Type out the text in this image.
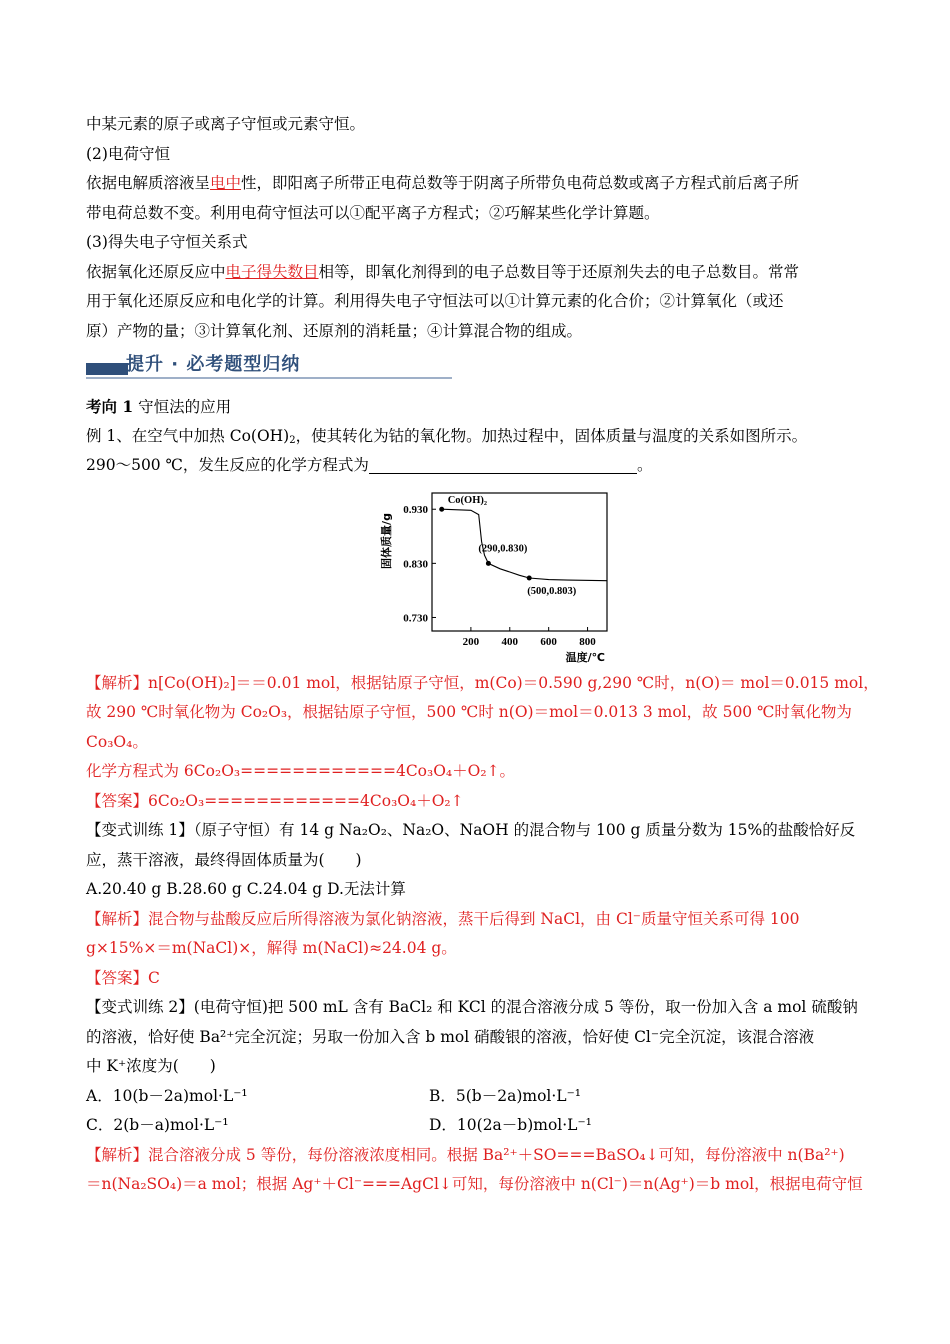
中某元素的原子或离子守恒或元素守恒。
(2)电荷守恒
依据电解质溶液呈电中性，即阳离子所带正电荷总数等于阴离子所带负电荷总数或离子方程式前后离子所
带电荷总数不变。利用电荷守恒法可以①配平离子方程式；②巧解某些化学计算题。
(3)得失电子守恒关系式
依据氧化还原反应中电子得失数目相等，即氧化剂得到的电子总数目等于还原剂失去的电子总数目。常常
用于氧化还原反应和电化学的计算。利用得失电子守恒法可以①计算元素的化合价；②计算氧化（或还
原）产物的量；③计算氧化剂、还原剂的消耗量；④计算混合物的组成。
提升 · 必考题型归纳
考向 1 守恒法的应用
例 1、在空气中加热 $Co(OH)_2$，使其转化为钴的氧化物。加热过程中，固体质量与温度的关系如图所示。
290～500 ℃，发生反应的化学方程式为	。
0.930
0.830
0.730
200 400 600 800
固体质量/g
温度/℃
Co(OH)₂
(290,0.830)
(500,0.803)
【解析】n[Co(OH)₂]＝＝0.01 mol，根据钴原子守恒，m(Co)＝0.590 g,290 ℃时，n(O)＝ mol＝0.015 mol，
故 290 ℃时氧化物为 Co₂O₃，根据钴原子守恒，500 ℃时 n(O)＝mol＝0.013 3 mol，故 500 ℃时氧化物为
Co₃O₄。
化学方程式为 6Co₂O₃============4Co₃O₄＋O₂↑。
【答案】6Co₂O₃============4Co₃O₄＋O₂↑
【变式训练 1】（原子守恒）有 14 g Na₂O₂、Na₂O、NaOH 的混合物与 100 g 质量分数为 15%的盐酸恰好反
应，蒸干溶液，最终得固体质量为(　　)
A.20.40 g B.28.60 g C.24.04 g D.无法计算
【解析】混合物与盐酸反应后所得溶液为氯化钠溶液，蒸干后得到 NaCl，由 Cl⁻质量守恒关系可得 100
g×15%×＝m(NaCl)×，解得 m(NaCl)≈24.04 g。
【答案】C
【变式训练 2】(电荷守恒)把 500 mL 含有 BaCl₂ 和 KCl 的混合溶液分成 5 等份，取一份加入含 a mol 硫酸钠
的溶液，恰好使 Ba²⁺完全沉淀；另取一份加入含 b mol 硝酸银的溶液，恰好使 Cl⁻完全沉淀，该混合溶液
中 K⁺浓度为(　　)
A．10(b－2a)mol·L⁻¹	B．5(b－2a)mol·L⁻¹
C．2(b－a)mol·L⁻¹	D．10(2a－b)mol·L⁻¹
【解析】混合溶液分成 5 等份，每份溶液浓度相同。根据 Ba²⁺＋SO===BaSO₄↓可知，每份溶液中 n(Ba²⁺)
＝n(Na₂SO₄)＝a mol；根据 Ag⁺＋Cl⁻===AgCl↓可知，每份溶液中 n(Cl⁻)＝n(Ag⁺)＝b mol，根据电荷守恒
